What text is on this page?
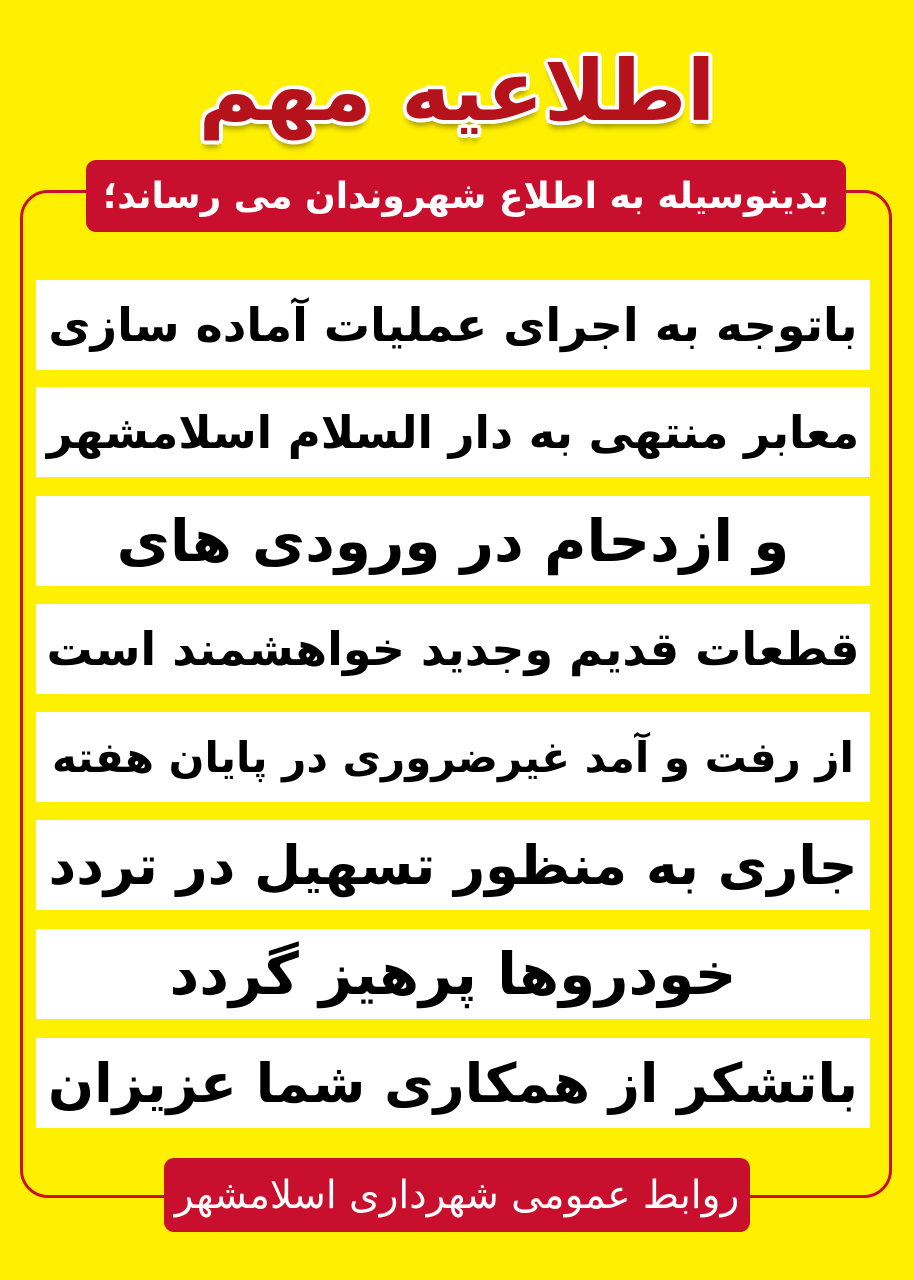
اطلاعیه مهم
بدینوسیله به اطلاع شهروندان می رساند؛
باتوجه به اجرای عملیات آماده سازی
معابر منتهی به دار السلام اسلامشهر
و ازدحام در ورودی های
قطعات قدیم وجدید خواهشمند است
از رفت و آمد غیرضروری در پایان هفته
جاری به منظور تسهیل در تردد
خودروها پرهیز گردد
باتشکر از همکاری شما عزیزان
روابط عمومی شهرداری اسلامشهر
